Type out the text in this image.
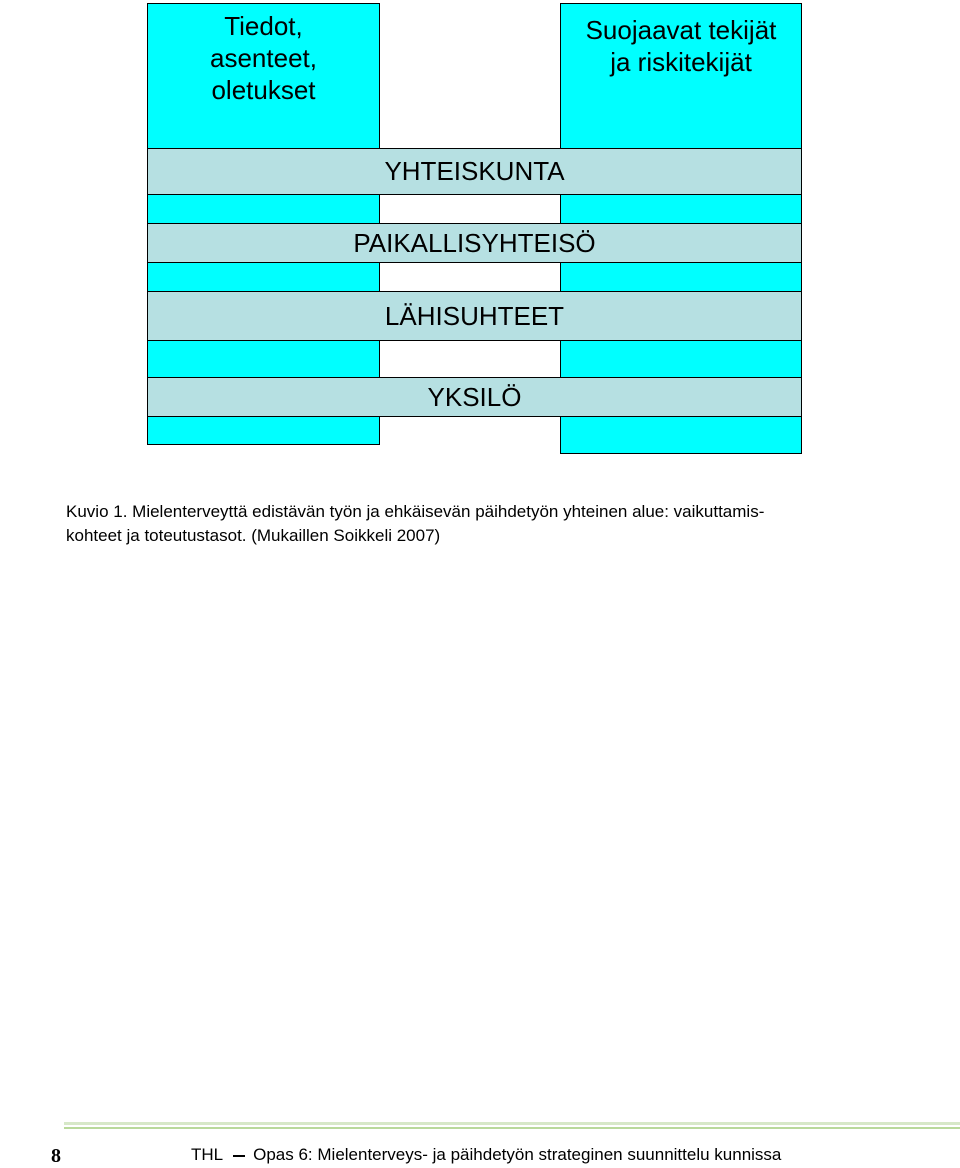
Tiedot,
asenteet,
oletukset
Suojaavat tekijät
ja riskitekijät
YHTEISKUNTA
PAIKALLISYHTEISÖ
LÄHISUHTEET
YKSILÖ
Kuvio 1. Mielenterveyttä edistävän työn ja ehkäisevän päihdetyön yhteinen alue: vaikuttamis-
kohteet ja toteutustasot. (Mukaillen Soikkeli 2007)
8	THL Opas 6: Mielenterveys- ja päihdetyön strateginen suunnittelu kunnissa
